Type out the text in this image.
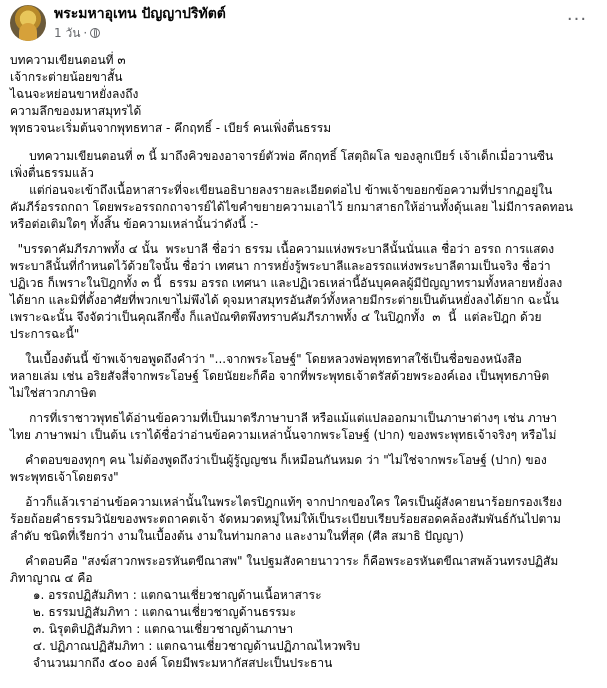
พระมหาอุเทน ปัญญาปริทัตต์
1 วัน ·
···

บทความเขียนตอนที่ ๓

เจ้ากระต่ายน้อยขาสั้น

ไฉนจะหย่อนขาหยั่งลงถึง

ความลึกของมหาสมุทรได้

พุทธวจนะเริ่มต้นจากพุทธทาส - คึกฤทธิ์ - เบียร์ คนเพิ่งตื่นธรรม

บทความเขียนตอนที่ ๓ นี้ มาถึงคิวของอาจารย์ตัวพ่อ คึกฤทธิ์ โสตฺถิผโล ของลูกเบียร์ เจ้าเด็กเมื่อวานซืน
เพิ่งตื่นธรรมแล้ว

แต่ก่อนจะเข้าถึงเนื้อหาสาระที่จะเขียนอธิบายลงรายละเอียดต่อไป ข้าพเจ้าขอยกข้อความที่ปรากฏอยู่ใน
คัมภีร์อรรถกถา โดยพระอรรถกถาจารย์ได้ไขคำขยายความเอาไว้ ยกมาสาธกให้อ่านทั้งดุ้นเลย ไม่มีการลดทอน
หรือต่อเติมใดๆ ทั้งสิ้น ข้อความเหล่านั้นว่าดังนี้ :-

"บรรดาคัมภีรภาพทั้ง ๔ นั้น  พระบาลี ชื่อว่า ธรรม เนื้อความแห่งพระบาลีนั้นนั่นแล ชื่อว่า อรรถ การแสดง
พระบาลีนั้นที่กำหนดไว้ด้วยใจนั้น ชื่อว่า เทศนา การหยั่งรู้พระบาลีและอรรถแห่งพระบาลีตามเป็นจริง ชื่อว่า
ปฏิเวธ ก็เพราะในปิฎกทั้ง ๓ นี้  ธรรม อรรถ เทศนา และปฏิเวธเหล่านี้อันบุคคลผู้มีปัญญาทรามทั้งหลายหยั่งลง
ได้ยาก และมิที่ตั้งอาศัยที่พวกเขาไม่พึงได้ ดุจมหาสมุทรอันสัตว์ทั้งหลายมีกระต่ายเป็นต้นหยั่งลงได้ยาก ฉะนั้น
เพราะฉะนั้น จึงจัดว่าเป็นคุณลึกซึ้ง ก็แลบัณฑิตพึงทราบคัมภีรภาพทั้ง ๔ ในปิฎกทั้ง  ๓  นี้  แต่ละปิฎก ด้วย
ประการฉะนี้"

ในเบื้องต้นนี้ ข้าพเจ้าขอพูดถึงคำว่า "...จากพระโอษฐ์" โดยหลวงพ่อพุทธทาสใช้เป็นชื่อของหนังสือ
หลายเล่ม เช่น อริยสัจสี่จากพระโอษฐ์ โดยนัยยะก็คือ จากที่พระพุทธเจ้าตรัสด้วยพระองค์เอง เป็นพุทธภาษิต
ไม่ใช่สาวกภาษิต

การที่เราชาวพุทธได้อ่านข้อความที่เป็นมาตรีภาษาบาลี หรือแม้แต่แปลออกมาเป็นภาษาต่างๆ เช่น ภาษา
ไทย ภาษาพม่า เป็นต้น เราได้ชื่อว่าอ่านข้อความเหล่านั้นจากพระโอษฐ์ (ปาก) ของพระพุทธเจ้าจริงๆ หรือไม่

คำตอบของทุกๆ คน ไม่ต้องพูดถึงว่าเป็นผู้รู้ญญชน ก็เหมือนกันหมด ว่า "ไม่ใช่จากพระโอษฐ์ (ปาก) ของ
พระพุทธเจ้าโดยตรง"

อ้าวก็แล้วเราอ่านข้อความเหล่านั้นในพระไตรปิฎกแท้ๆ จากปากของใคร ใครเป็นผู้สังคายนาร้อยกรองเรียง
ร้อยถ้อยคำธรรมวินัยของพระตถาคตเจ้า จัดหมวดหมู่ใหม่ให้เป็นระเบียบเรียบร้อยสอดคล้องสัมพันธ์กันไปตาม
ลำดับ ชนิดที่เรียกว่า งามในเบื้องต้น งามในท่ามกลาง และงามในที่สุด (ศีล สมาธิ ปัญญา)

คำตอบคือ "สงฆ์สาวกพระอรหันตขีณาสพ" ในปฐมสังคายนาวาระ ก็คือพระอรหันตขีณาสพล้วนทรงปฏิสัม
ภิทาญาณ ๔ คือ

๑. อรรถปฏิสัมภิทา : แตกฉานเชี่ยวชาญด้านเนื้อหาสาระ

๒. ธรรมปฏิสัมภิทา : แตกฉานเชี่ยวชาญด้านธรรมะ

๓. นิรุตติปฏิสัมภิทา : แตกฉานเชี่ยวชาญด้านภาษา

๔. ปฏิภาณปฏิสัมภิทา : แตกฉานเชี่ยวชาญด้านปฏิภาณไหวพริบ

จำนวนมากถึง ๕๐๐ องค์ โดยมีพระมหากัสสปะเป็นประธาน
